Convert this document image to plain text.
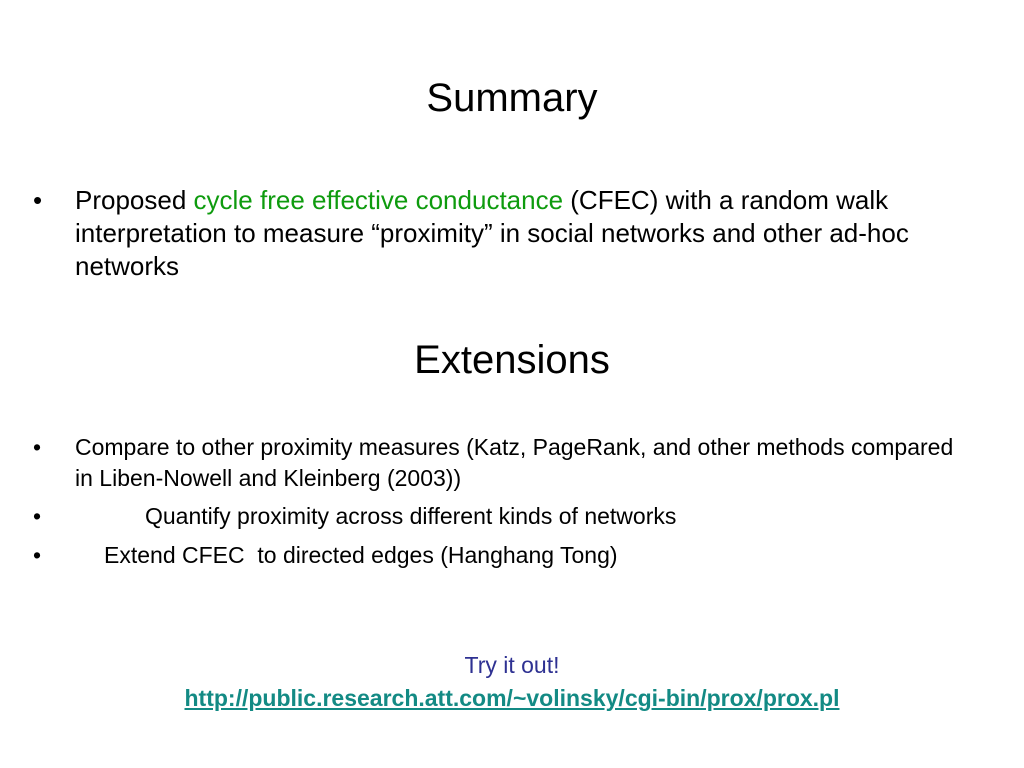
Summary
• Proposed cycle free effective conductance (CFEC) with a random walk interpretation to measure “proximity” in social networks and other ad-hoc networks
Extensions
• Compare to other proximity measures (Katz, PageRank, and other methods compared in Liben-Nowell and Kleinberg (2003))
•	Quantify proximity across different kinds of networks
•	Extend CFEC  to directed edges (Hanghang Tong)
Try it out!
http://public.research.att.com/~volinsky/cgi-bin/prox/prox.pl
